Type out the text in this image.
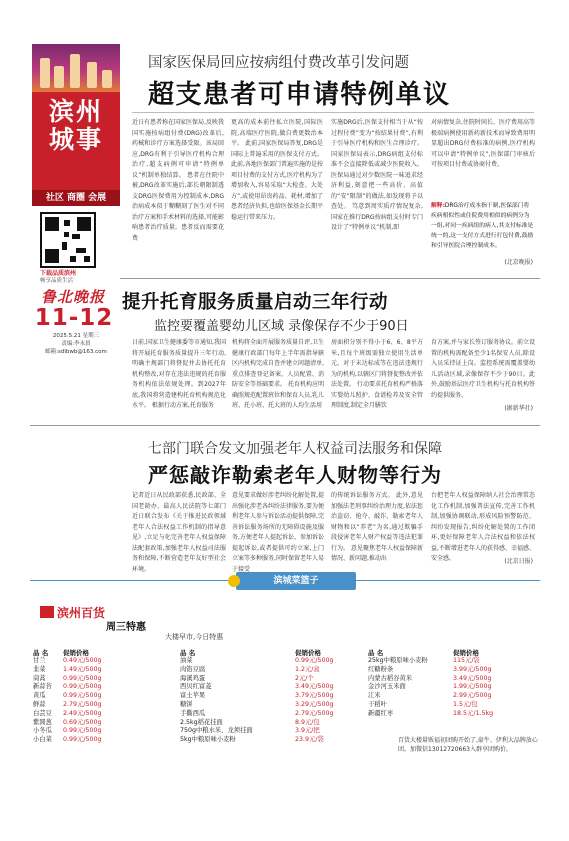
滨州
城事
社区 商圈 会展
下载品质滨州
畅享品质生活
鲁北晚报
11-12
2025.5.21 星期三
责编:李永晨
邮箱:sdlbwb@163.com
国家医保局回应按病组付费改革引发问题
超支患者可申请特例单议
近日有患者称在国家医保局,反映我国实施按病组付费(DRG)改革后,药械和诊疗方案选择受限。该局回应,DRG有利于引导医疗机构合理治疗,超支病例可申请“特例单议”机制单独结算。 患者在住院中被,DRG改革实施后,部长朝限制透支DRG医保费用为控制成本,DRG治病成本似于糊糊刻了医生对不同治疗方案和手术材料的选择,可能影响患者治疗质量。患者反而需要花费
更高的成本前往私立医院,国际医院,高端医疗医院,做自费更数治本平。 此前,国家医保局答复,DRG是国际上普遍采用的医保支付方式。 此前,各地医保部门普遍实施的是按项目付费的支付方式,医疗机构为了增加收入,容易采取“大检查、大处方”,或使用昂贵药品、耗材,增加了患者经济负担,也给医保基金长期平稳运行带来压力。
实施DRG后,医保支付相当于从“按过程付费”变为“按结果付费”,有利于引导医疗机构和医生合理诊疗。 国家医保局表示,DRG病组支付标准不会直接降低或减少医院收入。医保局通过对少数医院一味追求经济利益,刻意把一些高价、高值的“安”限制”的做法,如发现将予以查处。 笃意到周实质疗情况复杂,国家在推行DRG按病组支付时专门设计了“特例单议”机制,即
对病情复杂,住院时间长、医疗费用高等极端病例使用新药新技术而导致费用明显超出DRG付费标准的病例,医疗机构可以申请“特例单议”,医保部门审核后可按项目付费或协商付费。
解释:DRG治疗成本指干制,医保部门将疾病相似性或住院费用相似的病例分为一组,对同一疾病组的病人,其支付标准是统一的,这一支付方式进行打包付费,鼓励和引导医院合理控制成本。
(北京晚报)
提升托育服务质量启动三年行动
监控要覆盖婴幼儿区域 录像保存不少于90日
日前,国家卫生健康委等市通知,我国将开展托育服务质量提升三年行动,明确主规部门将督促并去协托托育机构整改,对存在违法违规的托育服务机构依法依规处理。到2027年底,我国将营造建构托育机构规范化水平。 根据行动方案,托育服务
机构将全面开展服务质量自评,卫生健康行政部门每年上半年需指导辖区内机构完成自查并建立问题清单,重点排查登记备案、人员配置、消防安全等基础要求。 托育机构应明确照规范配置班位和保育人员,乳儿班、托小班、托大班的人均生活用
房面积分别不得小于6、6、8平方米,且每个班级需独立使用生活单元。对于未达标成等在违法违规行为的机构,以辖区门将督促整改并依法处置。 行动要求托育机构严格落实婴幼儿照护、食谱检养及安全管理制度,制定全月膳饮
育方案,并与家长签订服务协议。前立设置的机构需配备至少1名保安人员,除设入员采持证上岗。监控系统需覆盖婴幼儿活动区域,录像保存不少于90日。此外,鼓励基层医疗卫生机构与托育机构签约提供服务。
(据新华社)
七部门联合发文加强老年人权益司法服务和保障
严惩敲诈勒索老年人财物等行为
记者近日从民政部获悉,民政部、全国老龄办、最高人民法院等七部门近日联合发布《关于推进民政领域老年人合法权益工作机制的指导意见》,立足与化完善老年人权益保障法配套政策,加强老年人权益司法服务和保障,不断营造老年友好型社会环境。
意见要求做好涉老纠纷化解处置,提出强化涉老各纠纷法律服务,要为便利老年人参与诉讼活动提供保障,完善诉讼服务场所的无障碍设施及服务,方便老年人提起诉讼、参加诉讼提起诉讼,或者提供可约立案,上门立案等多种服务,同时保留老年人易于接受
的传统诉讼服务方式。 此外,意见加强法老刑事纠纷治理力度,依法惩治盗窃、抢夺、敲诈、勒索老年人财物和以“养老”为名,通过欺骗手段侵害老年人财产权益等违法犯罪行为。 意见聚焦老年人权益保障新情况、新问题,推动出
台把老年人权益保障纳人社会治理常态化工作机制,加强普法宣传,完善工作机制,加强协调联动,形成风险预警防范、纠纷发现报告,纠纷化解处置的工作闭环,更好保障老年人合法权益和依法权益,不断增进老年人的获得感、幸福感、安全感。	(北京日报)
滨城菜篮子
滨州百货
周三特惠
大楼早市,今日特惠
品 名 促销价格
甘兰	0.49元/500g
韭菜	1.49元/500g
茼蒿	0.99元/500g
新蒜苔 0.99元/500g
黄瓜	0.99元/500g
鲜蒜	2.79元/500g
白芸豆 2.49元/500g
紫圆葱 0.69元/500g
小冬瓜 0.99元/500g
小白菜 0.99元/500g
品 名	促销价格
油菜	0.99元/500g
肉馅豆腐	1.2元/盒
海溪鸡蛋	2元/个
西贝红富菱	3.49元/500g
富士苹果	3.79元/500g
糖饼	3.29元/500g
手撕西瓜	2.79元/500g
2.5kg稻花挂面	8.9元/包
750g中粮水米、龙须挂面	3.9元/把
5kg中粮原味小麦粉	23.9元/袋
品 名	促销价格
25kg中粮原味小麦粉	115元/袋
红糖粉条	3.99元/500g
内蒙古稻谷黄米	3.49元/500g
金沙河玉米面	1.99元/500g
江米	2.99元/500g
干稻叶	1.5元/包
新疆红枣	18.5元/1.5kg
百货大楼量贩福初团购开始了,豪牛、伊利大品牌放心团。加微信13012720663入群享团购价。
